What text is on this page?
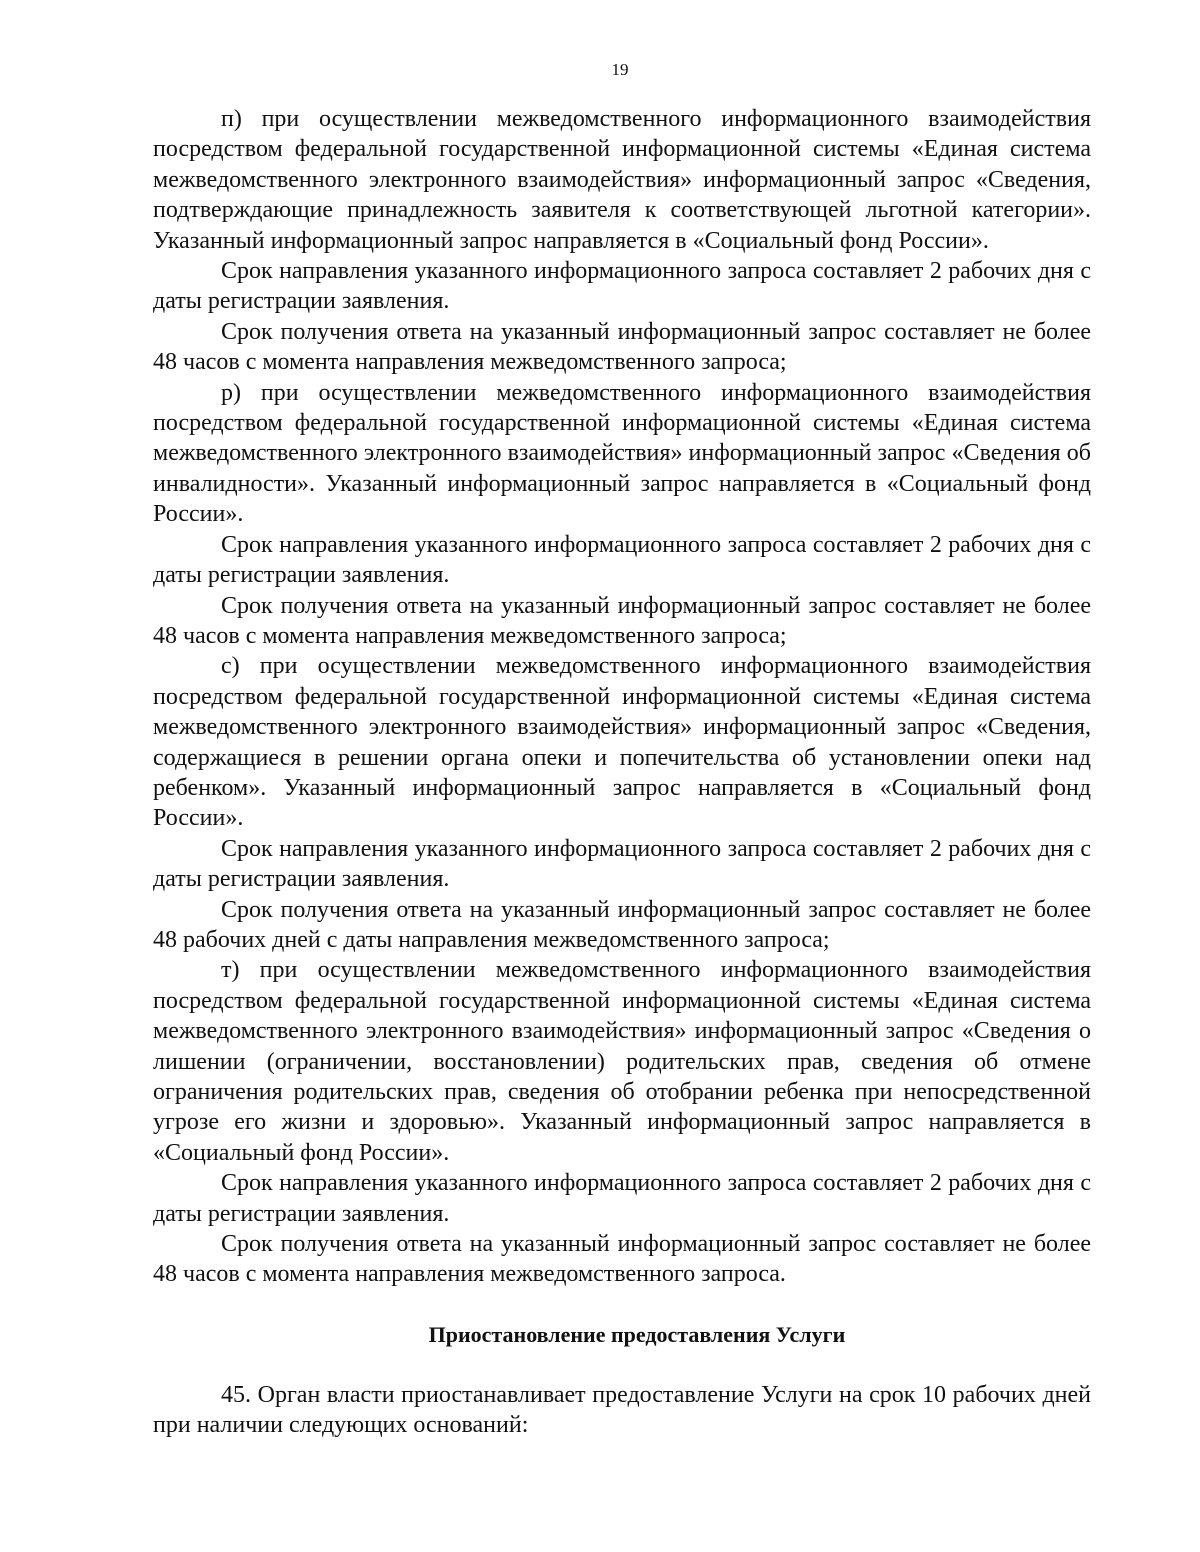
19

п) при осуществлении межведомственного информационного взаимодействия посредством федеральной государственной информационной системы «Единая система межведомственного электронного взаимодействия» информационный запрос «Сведения, подтверждающие принадлежность заявителя к соответствующей льготной категории». Указанный информационный запрос направляется в «Социальный фонд России».

Срок направления указанного информационного запроса составляет 2 рабочих дня с даты регистрации заявления.

Срок получения ответа на указанный информационный запрос составляет не более 48 часов с момента направления межведомственного запроса;

р) при осуществлении межведомственного информационного взаимодействия посредством федеральной государственной информационной системы «Единая система межведомственного электронного взаимодействия» информационный запрос «Сведения об инвалидности». Указанный информационный запрос направляется в «Социальный фонд России».

Срок направления указанного информационного запроса составляет 2 рабочих дня с даты регистрации заявления.

Срок получения ответа на указанный информационный запрос составляет не более 48 часов с момента направления межведомственного запроса;

с) при осуществлении межведомственного информационного взаимодействия посредством федеральной государственной информационной системы «Единая система межведомственного электронного взаимодействия» информационный запрос «Сведения, содержащиеся в решении органа опеки и попечительства об установлении опеки над ребенком». Указанный информационный запрос направляется в «Социальный фонд России».

Срок направления указанного информационного запроса составляет 2 рабочих дня с даты регистрации заявления.

Срок получения ответа на указанный информационный запрос составляет не более 48 рабочих дней с даты направления межведомственного запроса;

т) при осуществлении межведомственного информационного взаимодействия посредством федеральной государственной информационной системы «Единая система межведомственного электронного взаимодействия» информационный запрос «Сведения о лишении (ограничении, восстановлении) родительских прав, сведения об отмене ограничения родительских прав, сведения об отобрании ребенка при непосредственной угрозе его жизни и здоровью». Указанный информационный запрос направляется в «Социальный фонд России».

Срок направления указанного информационного запроса составляет 2 рабочих дня с даты регистрации заявления.

Срок получения ответа на указанный информационный запрос составляет не более 48 часов с момента направления межведомственного запроса.

Приостановление предоставления Услуги

45. Орган власти приостанавливает предоставление Услуги на срок 10 рабочих дней при наличии следующих оснований:
